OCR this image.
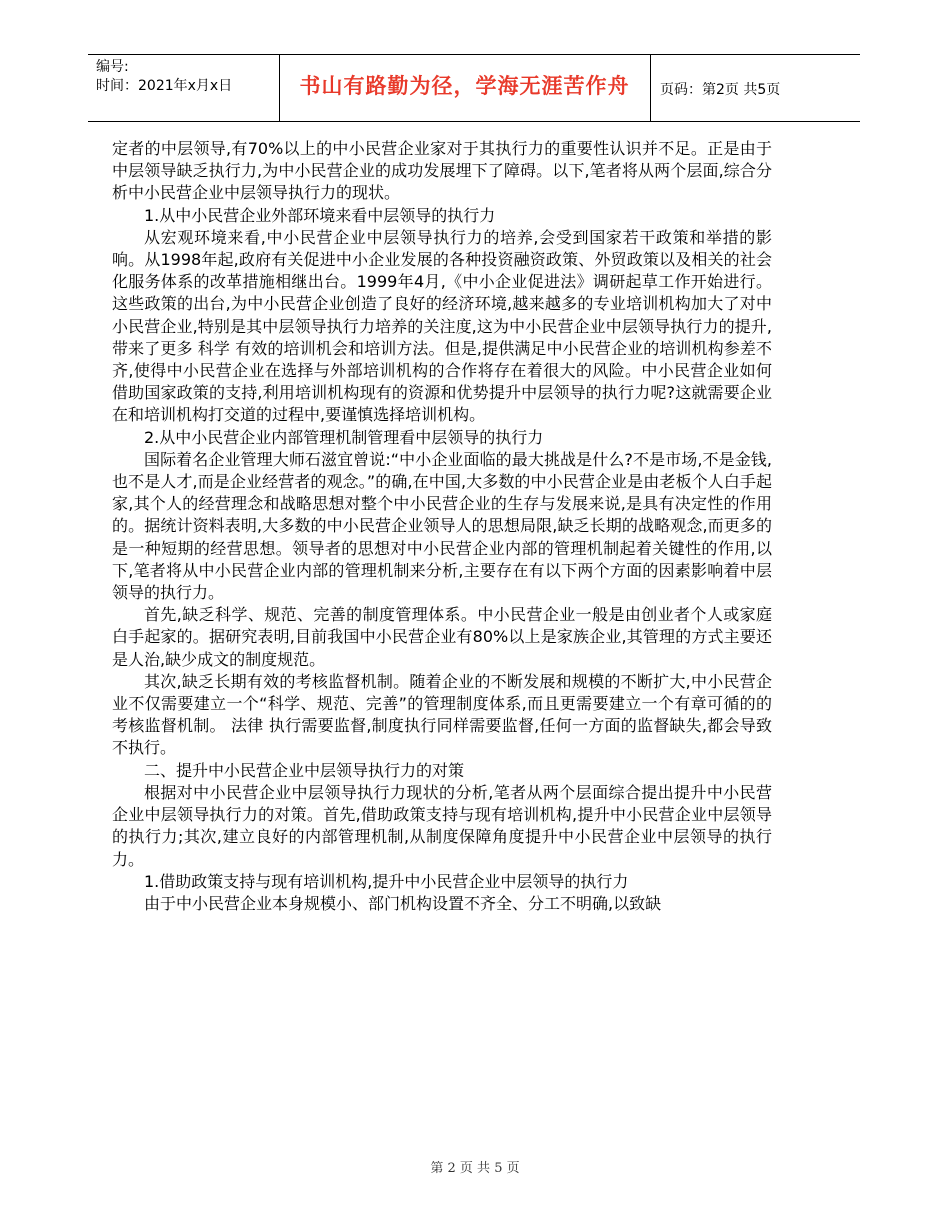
编号:
时间：2021年x月x日	书山有路勤为径，学海无涯苦作舟	页码：第2页 共5页

定者的中层领导,有70%以上的中小民营企业家对于其执行力的重要性认识并不足。正是由于中层领导缺乏执行力,为中小民营企业的成功发展埋下了障碍。以下,笔者将从两个层面,综合分析中小民营企业中层领导执行力的现状。

1.从中小民营企业外部环境来看中层领导的执行力

从宏观环境来看,中小民营企业中层领导执行力的培养,会受到国家若干政策和举措的影响。从1998年起,政府有关促进中小企业发展的各种投资融资政策、外贸政策以及相关的社会化服务体系的改革措施相继出台。1999年4月,《中小企业促进法》调研起草工作开始进行。这些政策的出台,为中小民营企业创造了良好的经济环境,越来越多的专业培训机构加大了对中小民营企业,特别是其中层领导执行力培养的关注度,这为中小民营企业中层领导执行力的提升,带来了更多 科学 有效的培训机会和培训方法。但是,提供满足中小民营企业的培训机构参差不齐,使得中小民营企业在选择与外部培训机构的合作将存在着很大的风险。中小民营企业如何借助国家政策的支持,利用培训机构现有的资源和优势提升中层领导的执行力呢?这就需要企业在和培训机构打交道的过程中,要谨慎选择培训机构。

2.从中小民营企业内部管理机制管理看中层领导的执行力

国际着名企业管理大师石滋宜曾说:“中小企业面临的最大挑战是什么?不是市场,不是金钱,也不是人才,而是企业经营者的观念。”的确,在中国,大多数的中小民营企业是由老板个人白手起家,其个人的经营理念和战略思想对整个中小民营企业的生存与发展来说,是具有决定性的作用的。据统计资料表明,大多数的中小民营企业领导人的思想局限,缺乏长期的战略观念,而更多的是一种短期的经营思想。领导者的思想对中小民营企业内部的管理机制起着关键性的作用,以下,笔者将从中小民营企业内部的管理机制来分析,主要存在有以下两个方面的因素影响着中层领导的执行力。

首先,缺乏科学、规范、完善的制度管理体系。中小民营企业一般是由创业者个人或家庭白手起家的。据研究表明,目前我国中小民营企业有80%以上是家族企业,其管理的方式主要还是人治,缺少成文的制度规范。

其次,缺乏长期有效的考核监督机制。随着企业的不断发展和规模的不断扩大,中小民营企业不仅需要建立一个“科学、规范、完善”的管理制度体系,而且更需要建立一个有章可循的的考核监督机制。 法律 执行需要监督,制度执行同样需要监督,任何一方面的监督缺失,都会导致不执行。

二、提升中小民营企业中层领导执行力的对策

根据对中小民营企业中层领导执行力现状的分析,笔者从两个层面综合提出提升中小民营企业中层领导执行力的对策。首先,借助政策支持与现有培训机构,提升中小民营企业中层领导的执行力;其次,建立良好的内部管理机制,从制度保障角度提升中小民营企业中层领导的执行力。

1.借助政策支持与现有培训机构,提升中小民营企业中层领导的执行力

由于中小民营企业本身规模小、部门机构设置不齐全、分工不明确,以致缺

第 2 页 共 5 页
